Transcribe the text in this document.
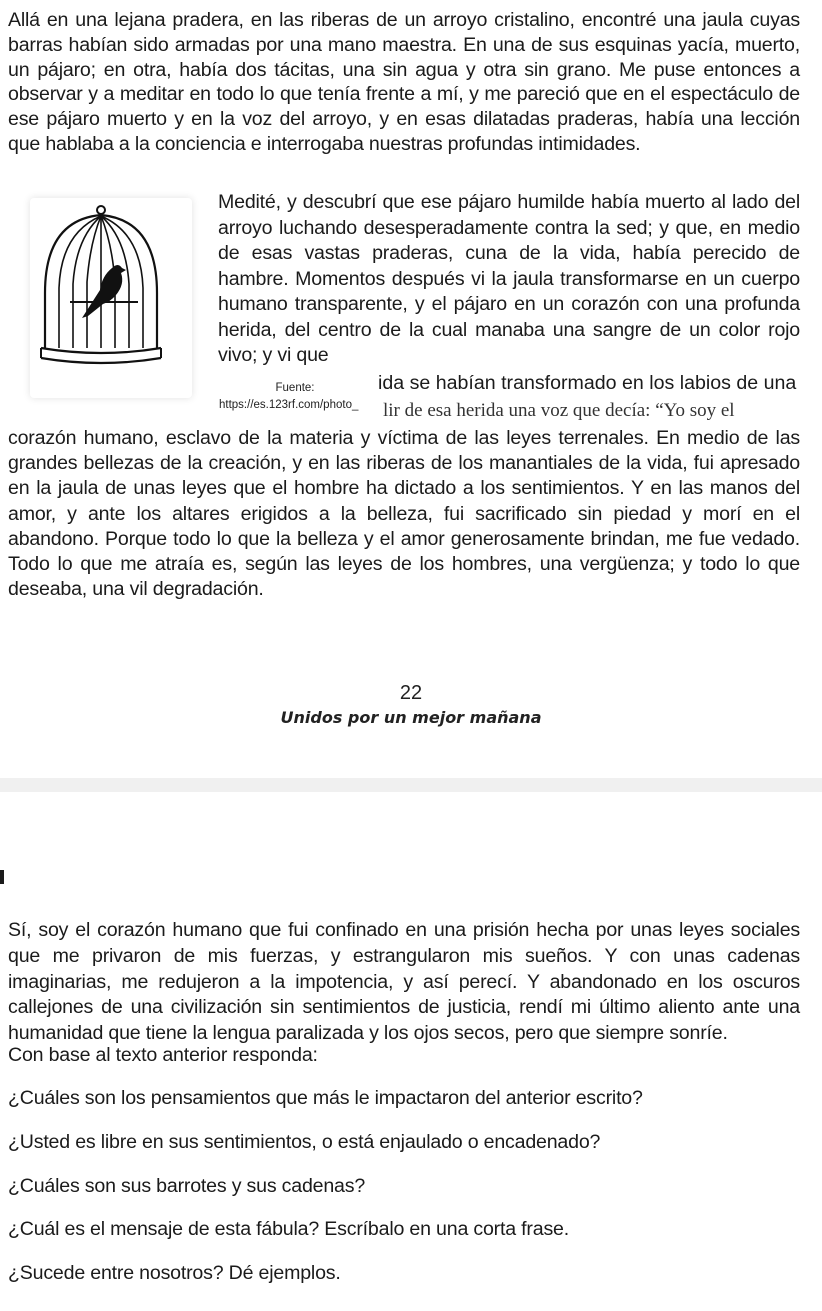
Allá en una lejana pradera, en las riberas de un arroyo cristalino, encontré una jaula cuyas barras habían sido armadas por una mano maestra. En una de sus esquinas yacía, muerto, un pájaro; en otra, había dos tácitas, una sin agua y otra sin grano. Me puse entonces a observar y a meditar en todo lo que tenía frente a mí, y me pareció que en el espectáculo de ese pájaro muerto y en la voz del arroyo, y en esas dilatadas praderas, había una lección que hablaba a la conciencia e interrogaba nuestras profundas intimidades.

Medité, y descubrí que ese pájaro humilde había muerto al lado del arroyo luchando desesperadamente contra la sed; y que, en medio de esas vastas praderas, cuna de la vida, había perecido de hambre. Momentos después vi la jaula transformarse en un cuerpo humano transparente, y el pájaro en un corazón con una profunda herida, del centro de la cual manaba una sangre de un color rojo vivo; y vi que

Fuente:
https://es.123rf.com/photo_

ida se habían transformado en los labios de una

lir de esa herida una voz que decía: “Yo soy el

corazón humano, esclavo de la materia y víctima de las leyes terrenales. En medio de las grandes bellezas de la creación, y en las riberas de los manantiales de la vida, fui apresado en la jaula de unas leyes que el hombre ha dictado a los sentimientos. Y en las manos del amor, y ante los altares erigidos a la belleza, fui sacrificado sin piedad y morí en el abandono. Porque todo lo que la belleza y el amor generosamente brindan, me fue vedado. Todo lo que me atraía es, según las leyes de los hombres, una vergüenza; y todo lo que deseaba, una vil degradación.

22
Unidos por un mejor mañana

Sí, soy el corazón humano que fui confinado en una prisión hecha por unas leyes sociales que me privaron de mis fuerzas, y estrangularon mis sueños. Y con unas cadenas imaginarias, me redujeron a la impotencia, y así perecí. Y abandonado en los oscuros callejones de una civilización sin sentimientos de justicia, rendí mi último aliento ante una humanidad que tiene la lengua paralizada y los ojos secos, pero que siempre sonríe.

Con base al texto anterior responda:

¿Cuáles son los pensamientos que más le impactaron del anterior escrito?

¿Usted es libre en sus sentimientos, o está enjaulado o encadenado?

¿Cuáles son sus barrotes y sus cadenas?

¿Cuál es el mensaje de esta fábula? Escríbalo en una corta frase.

¿Sucede entre nosotros? Dé ejemplos.
